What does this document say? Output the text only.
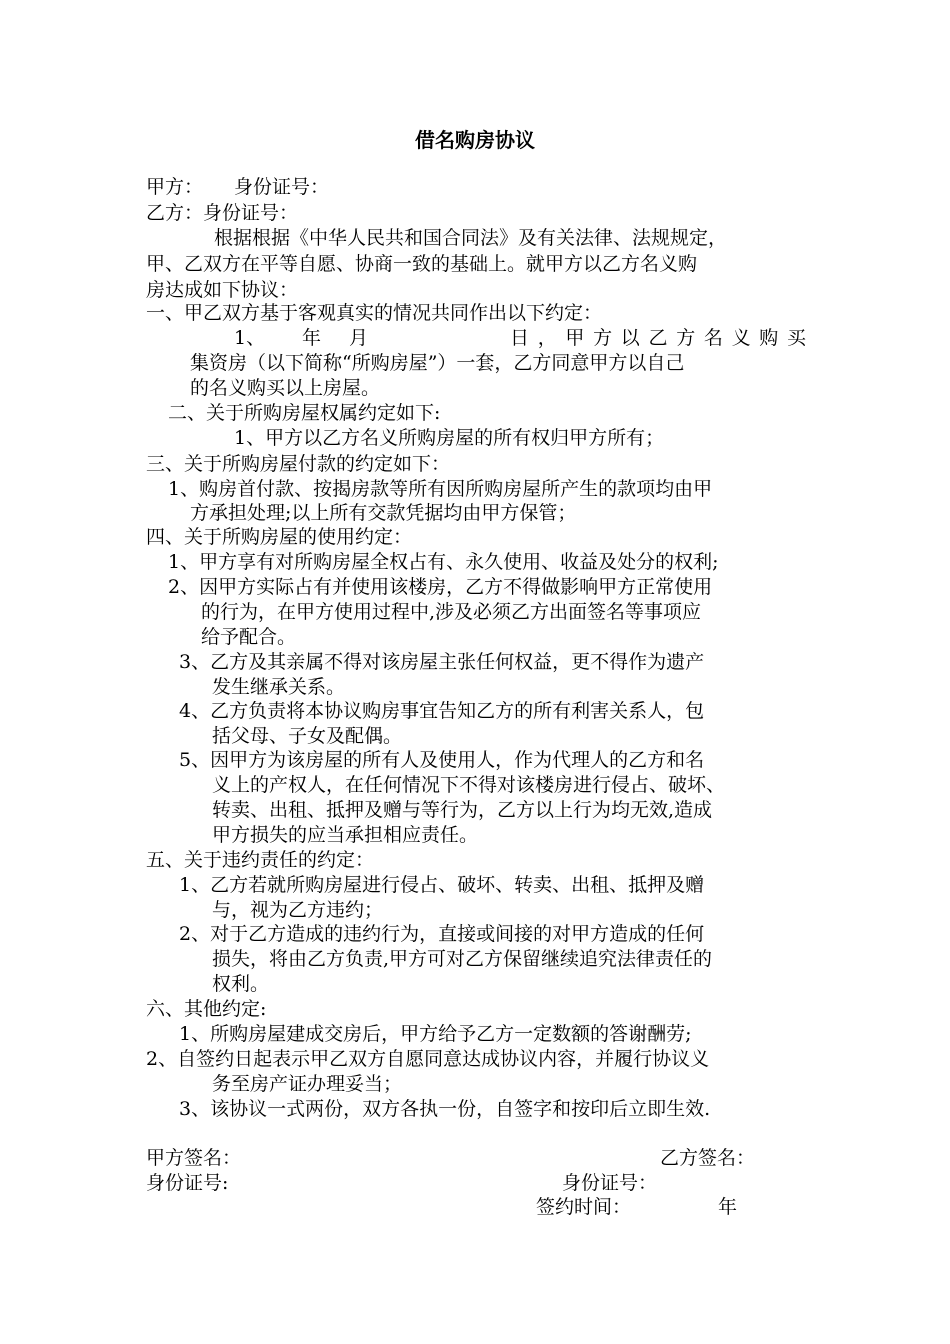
借名购房协议
甲方： 身份证号：
乙方：身份证号：
根据根据《中华人民共和国合同法》及有关法律、法规规定，
甲、乙双方在平等自愿、协商一致的基础上。就甲方以乙方名义购
房达成如下协议：
一、甲乙双方基于客观真实的情况共同作出以下约定：
1、 年 月	日，甲方以乙方名义购买
集资房（以下简称“所购房屋”）一套，乙方同意甲方以自己
的名义购买以上房屋。
二、关于所购房屋权属约定如下:
1、甲方以乙方名义所购房屋的所有权归甲方所有；
三、关于所购房屋付款的约定如下：
1、购房首付款、按揭房款等所有因所购房屋所产生的款项均由甲
方承担处理;以上所有交款凭据均由甲方保管；
四、关于所购房屋的使用约定：
1、甲方享有对所购房屋全权占有、永久使用、收益及处分的权利;
2、因甲方实际占有并使用该楼房，乙方不得做影响甲方正常使用
的行为，在甲方使用过程中,涉及必须乙方出面签名等事项应
给予配合。
3、乙方及其亲属不得对该房屋主张任何权益，更不得作为遗产
发生继承关系。
4、乙方负责将本协议购房事宜告知乙方的所有利害关系人，包
括父母、子女及配偶。
5、因甲方为该房屋的所有人及使用人，作为代理人的乙方和名
义上的产权人，在任何情况下不得对该楼房进行侵占、破坏、
转卖、出租、抵押及赠与等行为，乙方以上行为均无效,造成
甲方损失的应当承担相应责任。
五、关于违约责任的约定：
1、乙方若就所购房屋进行侵占、破坏、转卖、出租、抵押及赠
与，视为乙方违约；
2、对于乙方造成的违约行为，直接或间接的对甲方造成的任何
损失，将由乙方负责,甲方可对乙方保留继续追究法律责任的
权利。
六、其他约定:
1、所购房屋建成交房后，甲方给予乙方一定数额的答谢酬劳;
2、自签约日起表示甲乙双方自愿同意达成协议内容，并履行协议义
务至房产证办理妥当；
3、该协议一式两份，双方各执一份，自签字和按印后立即生效.
甲方签名：	乙方签名：
身份证号:	身份证号：
签约时间：	年
